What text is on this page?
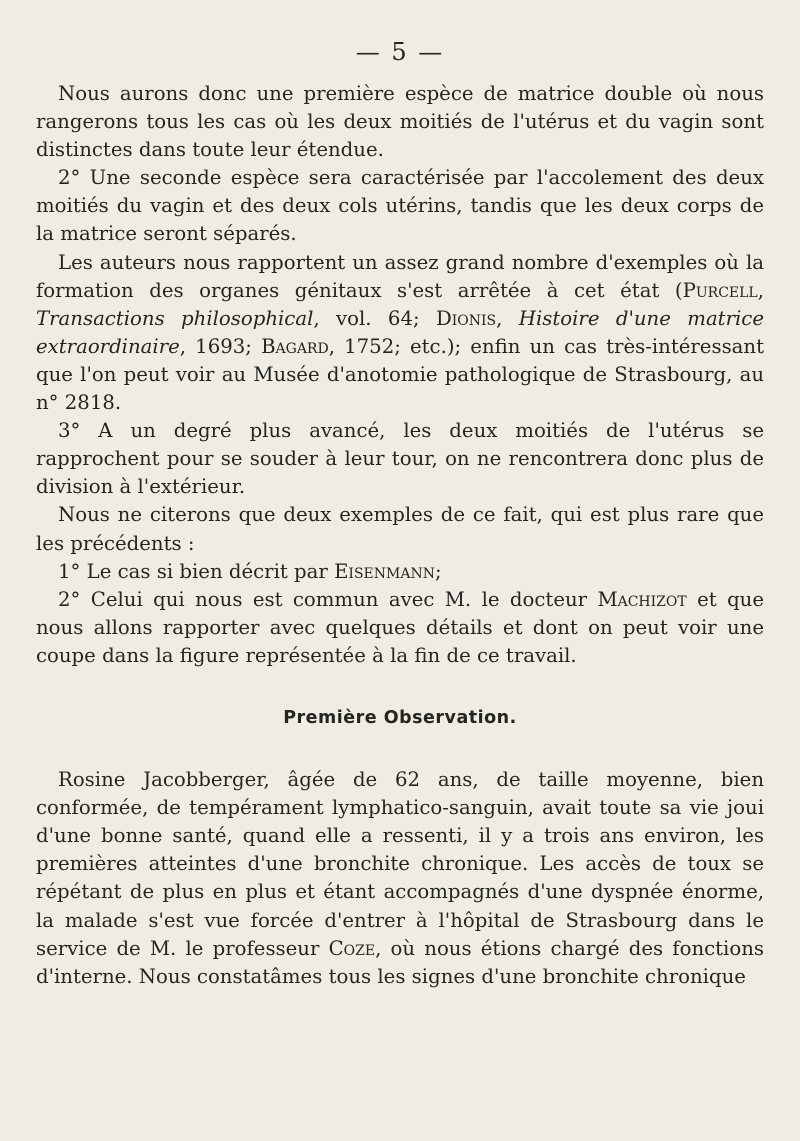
— 5 —

Nous aurons donc une première espèce de matrice double où nous rangerons tous les cas où les deux moitiés de l'utérus et du vagin sont distinctes dans toute leur étendue.

2° Une seconde espèce sera caractérisée par l'accolement des deux moitiés du vagin et des deux cols utérins, tandis que les deux corps de la matrice seront séparés.

Les auteurs nous rapportent un assez grand nombre d'exemples où la formation des organes génitaux s'est arrêtée à cet état (Purcell, Transactions philosophical, vol. 64; Dionis, Histoire d'une matrice extraordinaire, 1693; Bagard, 1752; etc.); enfin un cas très-intéressant que l'on peut voir au Musée d'anotomie pathologique de Strasbourg, au n° 2818.

3° A un degré plus avancé, les deux moitiés de l'utérus se rapprochent pour se souder à leur tour, on ne rencontrera donc plus de division à l'extérieur.

Nous ne citerons que deux exemples de ce fait, qui est plus rare que les précédents :

1° Le cas si bien décrit par Eisenmann;

2° Celui qui nous est commun avec M. le docteur Machizot et que nous allons rapporter avec quelques détails et dont on peut voir une coupe dans la figure représentée à la fin de ce travail.

Première Observation.

Rosine Jacobberger, âgée de 62 ans, de taille moyenne, bien conformée, de tempérament lymphatico-sanguin, avait toute sa vie joui d'une bonne santé, quand elle a ressenti, il y a trois ans environ, les premières atteintes d'une bronchite chronique. Les accès de toux se répétant de plus en plus et étant accompagnés d'une dyspnée énorme, la malade s'est vue forcée d'entrer à l'hôpital de Strasbourg dans le service de M. le professeur Coze, où nous étions chargé des fonctions d'interne. Nous constatâmes tous les signes d'une bronchite chronique
